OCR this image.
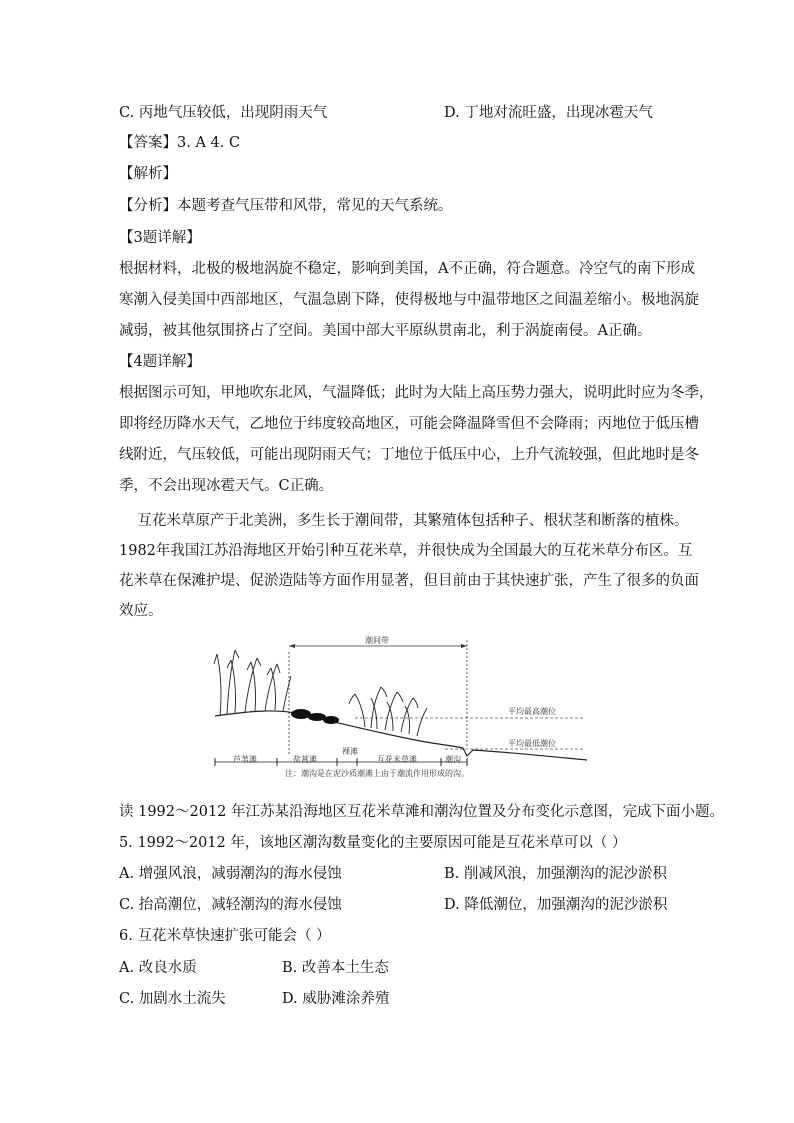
C. 丙地气压较低，出现阴雨天气	D. 丁地对流旺盛，出现冰雹天气
【答案】3. A 4. C
【解析】
【分析】本题考查气压带和风带，常见的天气系统。
【3题详解】
根据材料，北极的极地涡旋不稳定，影响到美国，A不正确，符合题意。冷空气的南下形成
寒潮入侵美国中西部地区，气温急剧下降，使得极地与中温带地区之间温差缩小。极地涡旋
减弱，被其他氛围挤占了空间。美国中部大平原纵贯南北，利于涡旋南侵。A正确。
【4题详解】
根据图示可知，甲地吹东北风，气温降低；此时为大陆上高压势力强大，说明此时应为冬季，
即将经历降水天气，乙地位于纬度较高地区，可能会降温降雪但不会降雨；丙地位于低压槽
线附近，气压较低，可能出现阴雨天气；丁地位于低压中心，上升气流较强，但此地时是冬
季，不会出现冰雹天气。C正确。
互花米草原产于北美洲，多生长于潮间带，其繁殖体包括种子、根状茎和断落的植株。
1982年我国江苏沿海地区开始引种互花米草，并很快成为全国最大的互花米草分布区。互
花米草在保滩护堤、促淤造陆等方面作用显著，但目前由于其快速扩张，产生了很多的负面
效应。
潮间带
平均最高潮位
平均最低潮位
芦苇滩	盐蒿滩
裸滩
互花米草滩	潮沟
注：潮沟是在泥沙质潮滩上由于潮流作用形成的沟。
读 1992～2012 年江苏某沿海地区互花米草滩和潮沟位置及分布变化示意图，完成下面小题。
5. 1992～2012 年，该地区潮沟数量变化的主要原因可能是互花米草可以（ ）
A. 增强风浪，减弱潮沟的海水侵蚀	B. 削减风浪，加强潮沟的泥沙淤积
C. 抬高潮位，减轻潮沟的海水侵蚀	D. 降低潮位，加强潮沟的泥沙淤积
6. 互花米草快速扩张可能会（ ）
A. 改良水质	B. 改善本土生态
C. 加剧水土流失	D. 威胁滩涂养殖
